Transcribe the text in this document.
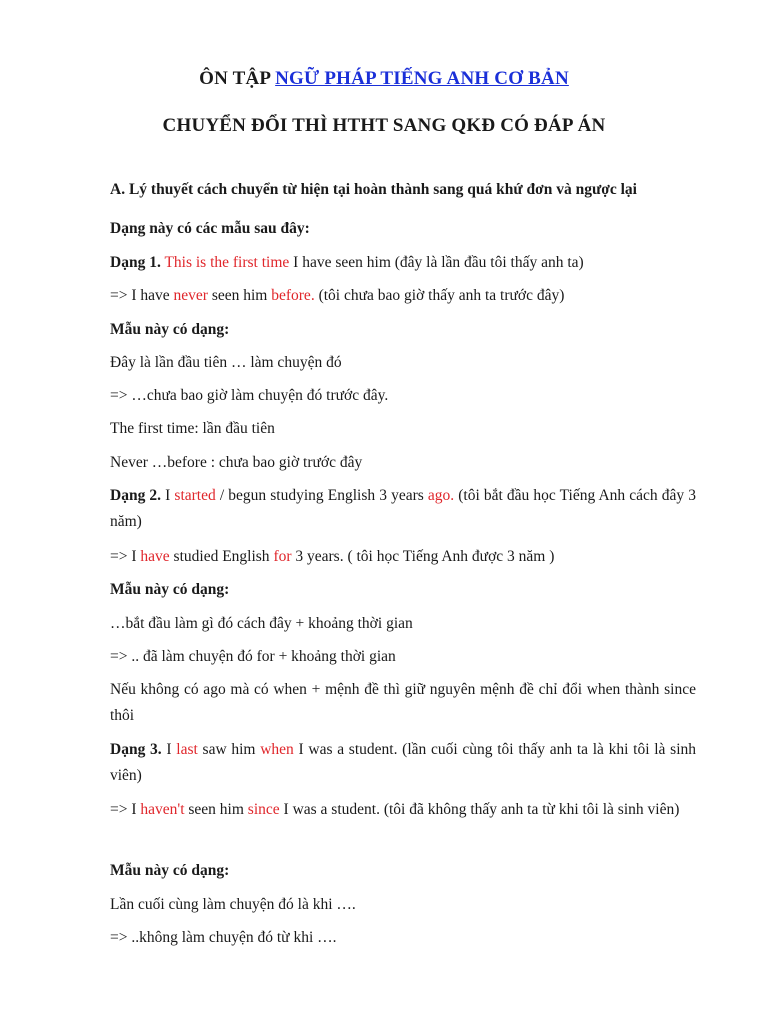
ÔN TẬP NGỮ PHÁP TIẾNG ANH CƠ BẢN
CHUYỂN ĐỔI THÌ HTHT SANG QKĐ CÓ ĐÁP ÁN
A. Lý thuyết cách chuyển từ hiện tại hoàn thành sang quá khứ đơn và ngược lại
Dạng này có các mẫu sau đây:
Dạng 1. This is the first time I have seen him (đây là lần đầu tôi thấy anh ta)
=> I have never seen him before. (tôi chưa bao giờ thấy anh ta trước đây)
Mẫu này có dạng:
Đây là lần đầu tiên … làm chuyện đó
=> …chưa bao giờ làm chuyện đó trước đây.
The first time: lần đầu tiên
Never …before : chưa bao giờ trước đây
Dạng 2. I started / begun studying English 3 years ago. (tôi bắt đầu học Tiếng Anh cách đây 3 năm)
=> I have studied English for 3 years. ( tôi học Tiếng Anh được 3 năm )
Mẫu này có dạng:
…bắt đầu làm gì đó cách đây + khoảng thời gian
=> .. đã làm chuyện đó for + khoảng thời gian
Nếu không có ago mà có when + mệnh đề thì giữ nguyên mệnh đề chỉ đổi when thành since thôi
Dạng 3. I last saw him when I was a student. (lần cuối cùng tôi thấy anh ta là khi tôi là sinh viên)
=> I haven't seen him since I was a student. (tôi đã không thấy anh ta từ khi tôi là sinh viên)
Mẫu này có dạng:
Lần cuối cùng làm chuyện đó là khi ….
=> ..không làm chuyện đó từ khi ….
